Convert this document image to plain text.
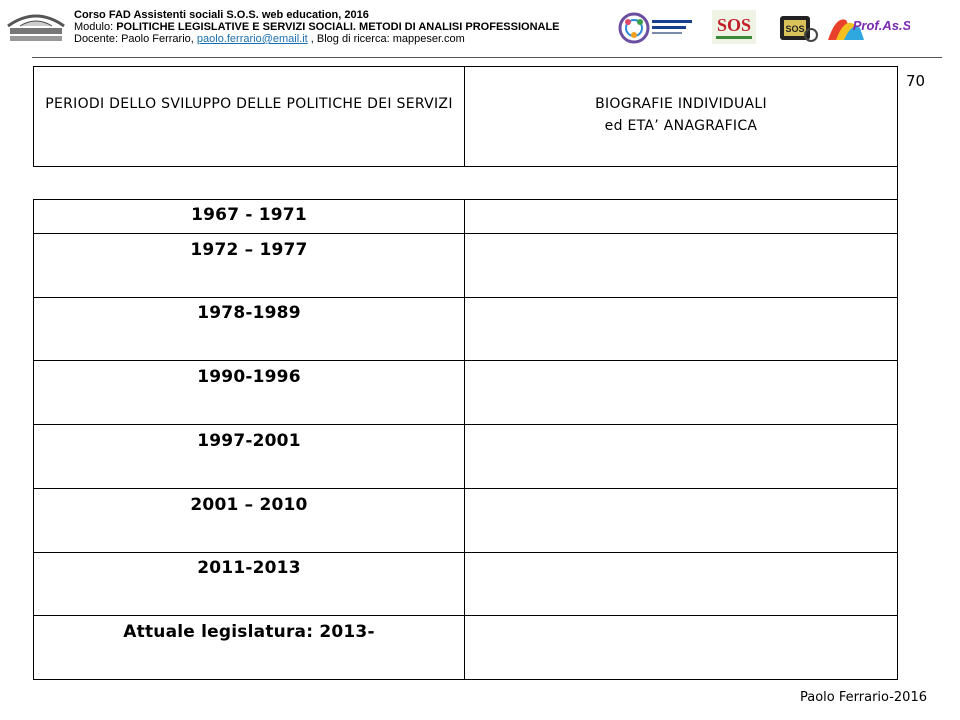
Corso FAD Assistenti sociali S.O.S. web education, 2016
Modulo: POLITICHE LEGISLATIVE E SERVIZI SOCIALI. METODI DI ANALISI PROFESSIONALE
Docente: Paolo Ferrario, paolo.ferrario@email.it , Blog di ricerca: mappeser.com
SOS	SOS	Prof.As.S
70
PERIODI DELLO SVILUPPO DELLE POLITICHE DEI SERVIZI	BIOGRAFIE INDIVIDUALI
ed ETA’ ANAGRAFICA
1967 - 1971
1972 – 1977
1978-1989
1990-1996
1997-2001
2001 – 2010
2011-2013
Attuale legislatura: 2013-
Paolo Ferrario-2016
